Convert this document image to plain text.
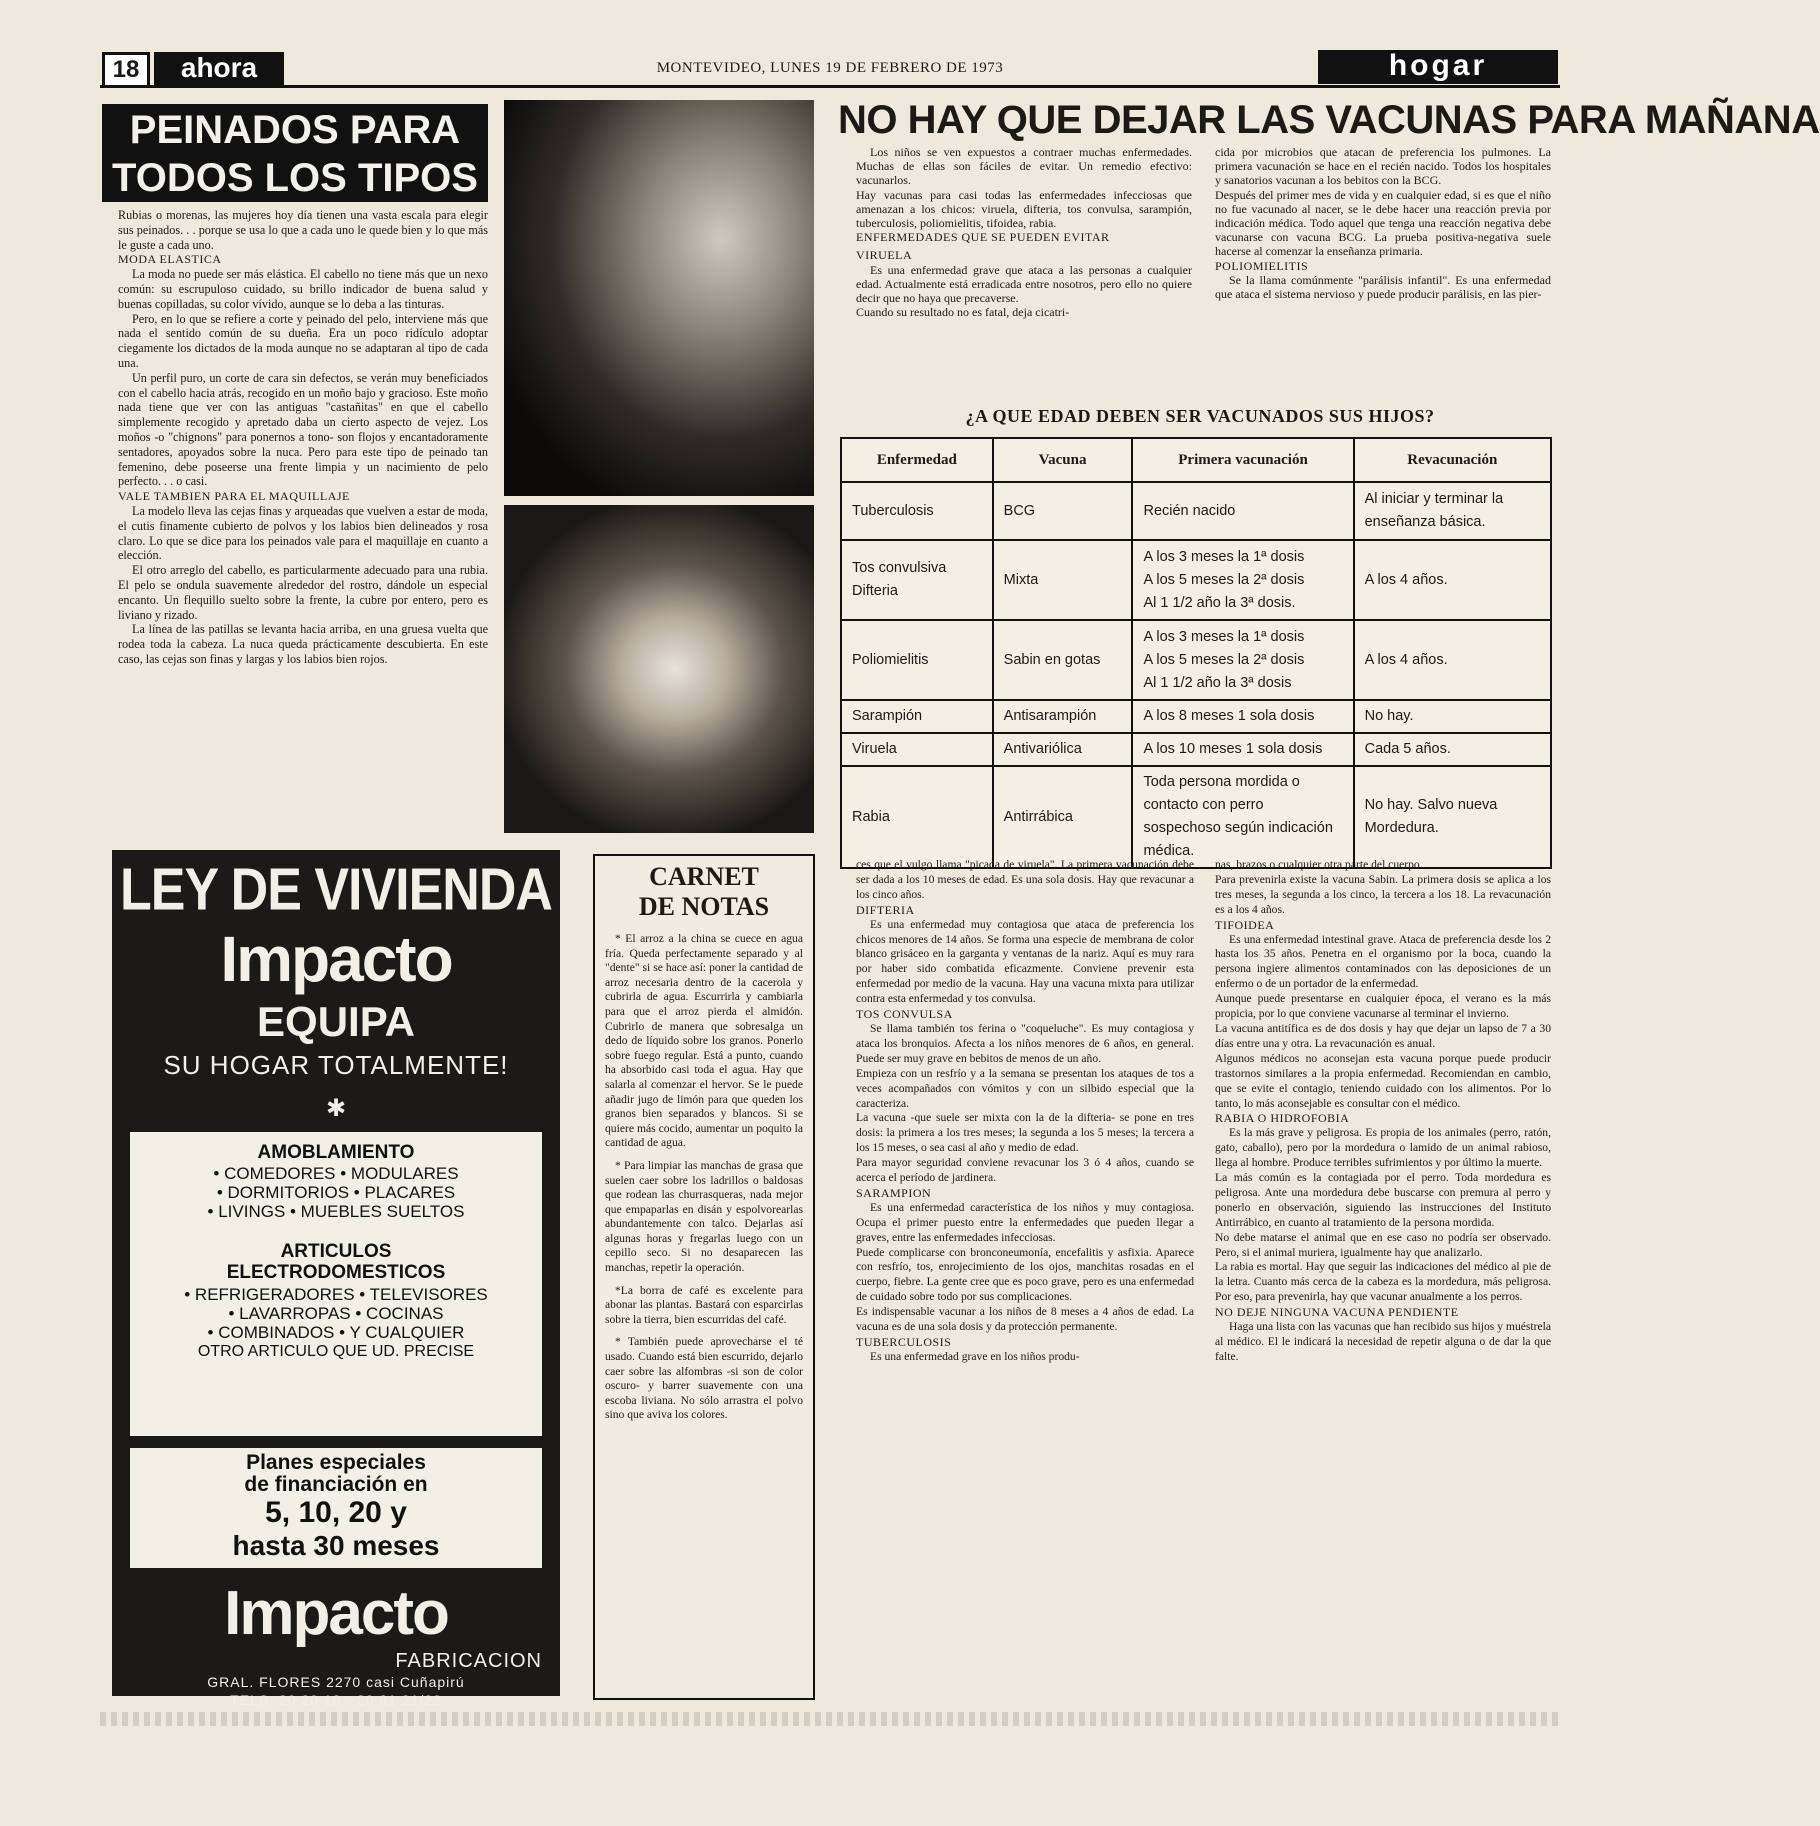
18	ahora	MONTEVIDEO, LUNES 19 DE FEBRERO DE 1973	hogar
PEINADOS PARA
TODOS LOS TIPOS

Rubias o morenas, las mujeres hoy día tienen una vasta escala para elegir sus peinados. . . porque se usa lo que a cada uno le quede bien y lo que más le guste a cada uno.

MODA ELASTICA

La moda no puede ser más elástica. El cabello no tiene más que un nexo común: su escrupuloso cuidado, su brillo indicador de buena salud y buenas copilladas, su color vívido, aunque se lo deba a las tinturas.

Pero, en lo que se refiere a corte y peinado del pelo, interviene más que nada el sentido común de su dueña. Era un poco ridículo adoptar ciegamente los dictados de la moda aunque no se adaptaran al tipo de cada una.

Un perfil puro, un corte de cara sin defectos, se verán muy beneficiados con el cabello hacia atrás, recogido en un moño bajo y gracioso. Este moño nada tiene que ver con las antiguas "castañitas" en que el cabello simplemente recogido y apretado daba un cierto aspecto de vejez. Los moños -o "chignons" para ponernos a tono- son flojos y encantadoramente sentadores, apoyados sobre la nuca. Pero para este tipo de peinado tan femenino, debe poseerse una frente limpia y un nacimiento de pelo perfecto. . . o casi.

VALE TAMBIEN PARA EL MAQUILLAJE

La modelo lleva las cejas finas y arqueadas que vuelven a estar de moda, el cutis finamente cubierto de polvos y los labios bien delineados y rosa claro. Lo que se dice para los peinados vale para el maquillaje en cuanto a elección.

El otro arreglo del cabello, es particularmente adecuado para una rubia. El pelo se ondula suavemente alrededor del rostro, dándole un especial encanto. Un flequillo suelto sobre la frente, la cubre por entero, pero es liviano y rizado.

La línea de las patillas se levanta hacia arriba, en una gruesa vuelta que rodea toda la cabeza. La nuca queda prácticamente descubierta. En este caso, las cejas son finas y largas y los labios bien rojos.

NO HAY QUE DEJAR LAS VACUNAS PARA MAÑANA

Los niños se ven expuestos a contraer muchas enfermedades. Muchas de ellas son fáciles de evitar. Un remedio efectivo: vacunarlos.
Hay vacunas para casi todas las enfermedades infecciosas que amenazan a los chicos: viruela, difteria, tos convulsa, sarampión, tuberculosis, poliomielitis, tifoidea, rabia.

ENFERMEDADES QUE SE PUEDEN EVITAR

VIRUELA

Es una enfermedad grave que ataca a las personas a cualquier edad. Actualmente está erradicada entre nosotros, pero ello no quiere decir que no haya que precaverse.
Cuando su resultado no es fatal, deja cicatri-

cida por microbios que atacan de preferencia los pulmones. La primera vacunación se hace en el recién nacido. Todos los hospitales y sanatorios vacunan a los bebitos con la BCG.
Después del primer mes de vida y en cualquier edad, si es que el niño no fue vacunado al nacer, se le debe hacer una reacción previa por indicación médica. Todo aquel que tenga una reacción negativa debe vacunarse con vacuna BCG. La prueba positiva-negativa suele hacerse al comenzar la enseñanza primaria.

POLIOMIELITIS

Se la llama comúnmente "parálisis infantil". Es una enfermedad que ataca el sistema nervioso y puede producir parálisis, en las pier-

¿A QUE EDAD DEBEN SER VACUNADOS SUS HIJOS?
Enfermedad	Vacuna	Primera vacunación	Revacunación
Tuberculosis	BCG	Recién nacido	Al iniciar y terminar la enseñanza básica.
Tos convulsiva
Difteria	Mixta	A los 3 meses la 1ª dosis
A los 5 meses la 2ª dosis
Al 1 1/2 año la 3ª dosis.	A los 4 años.
Poliomielitis	Sabin en gotas	A los 3 meses la 1ª dosis
A los 5 meses la 2ª dosis
Al 1 1/2 año la 3ª dosis	A los 4 años.
Sarampión	Antisarampión	A los 8 meses 1 sola dosis	No hay.
Viruela	Antivariólica	A los 10 meses 1 sola dosis	Cada 5 años.
Rabia	Antirrábica	Toda persona mordida o contacto con perro sospechoso según indicación médica.	No hay. Salvo nueva Mordedura.

ces que el vulgo llama "picada de viruela". La primera vacunación debe ser dada a los 10 meses de edad. Es una sola dosis. Hay que revacunar a los cinco años.

DIFTERIA

Es una enfermedad muy contagiosa que ataca de preferencia los chicos menores de 14 años. Se forma una especie de membrana de color blanco grisáceo en la garganta y ventanas de la nariz. Aquí es muy rara por haber sido combatida eficazmente. Conviene prevenir esta enfermedad por medio de la vacuna. Hay una vacuna mixta para utilizar contra esta enfermedad y tos convulsa.

TOS CONVULSA

Se llama también tos ferina o "coqueluche". Es muy contagiosa y ataca los bronquios. Afecta a los niños menores de 6 años, en general. Puede ser muy grave en bebitos de menos de un año.
Empieza con un resfrío y a la semana se presentan los ataques de tos a veces acompañados con vómitos y con un silbido especial que la caracteriza.
La vacuna -que suele ser mixta con la de la difteria- se pone en tres dosis: la primera a los tres meses; la segunda a los 5 meses; la tercera a los 15 meses, o sea casi al año y medio de edad.
Para mayor seguridad conviene revacunar los 3 ó 4 años, cuando se acerca el período de jardinera.

SARAMPION

Es una enfermedad característica de los niños y muy contagiosa. Ocupa el primer puesto entre la enfermedades que pueden llegar a graves, entre las enfermedades infecciosas.
Puede complicarse con bronconeumonía, encefalitis y asfixia. Aparece con resfrío, tos, enrojecimiento de los ojos, manchitas rosadas en el cuerpo, fiebre. La gente cree que es poco grave, pero es una enfermedad de cuidado sobre todo por sus complicaciones.
Es indispensable vacunar a los niños de 8 meses a 4 años de edad. La vacuna es de una sola dosis y da protección permanente.

TUBERCULOSIS

Es una enfermedad grave en los niños produ-

nas, brazos o cualquier otra parte del cuerpo.
Para prevenirla existe la vacuna Sabin. La primera dosis se aplica a los tres meses, la segunda a los cinco, la tercera a los 18. La revacunación es a los 4 años.

TIFOIDEA

Es una enfermedad intestinal grave. Ataca de preferencia desde los 2 hasta los 35 años. Penetra en el organismo por la boca, cuando la persona ingiere alimentos contaminados con las deposiciones de un enfermo o de un portador de la enfermedad.
Aunque puede presentarse en cualquier época, el verano es la más propicia, por lo que conviene vacunarse al terminar el invierno.
La vacuna antitífica es de dos dosis y hay que dejar un lapso de 7 a 30 días entre una y otra. La revacunación es anual.
Algunos médicos no aconsejan esta vacuna porque puede producir trastornos similares a la propia enfermedad. Recomiendan en cambio, que se evite el contagio, teniendo cuidado con los alimentos. Por lo tanto, lo más aconsejable es consultar con el médico.

RABIA O HIDROFOBIA

Es la más grave y peligrosa. Es propia de los animales (perro, ratón, gato, caballo), pero por la mordedura o lamido de un animal rabioso, llega al hombre. Produce terribles sufrimientos y por último la muerte.
La más común es la contagiada por el perro. Toda mordedura es peligrosa. Ante una mordedura debe buscarse con premura al perro y ponerlo en observación, siguiendo las instrucciones del Instituto Antirrábico, en cuanto al tratamiento de la persona mordida.
No debe matarse el animal que en ese caso no podría ser observado. Pero, si el animal muriera, igualmente hay que analizarlo.
La rabia es mortal. Hay que seguir las indicaciones del médico al pie de la letra. Cuanto más cerca de la cabeza es la mordedura, más peligrosa. Por eso, para prevenirla, hay que vacunar anualmente a los perros.

NO DEJE NINGUNA VACUNA PENDIENTE

Haga una lista con las vacunas que han recibido sus hijos y muéstrela al médico. El le indicará la necesidad de repetir alguna o de dar la que falte.

LEY DE VIVIENDA
Impacto
EQUIPA
SU HOGAR TOTALMENTE!
✱
AMOBLAMIENTO
• COMEDORES • MODULARES
• DORMITORIOS • PLACARES
• LIVINGS • MUEBLES SUELTOS
ARTICULOS
ELECTRODOMESTICOS
• REFRIGERADORES • TELEVISORES
• LAVARROPAS • COCINAS
• COMBINADOS • Y CUALQUIER
OTRO ARTICULO QUE UD. PRECISE
Planes especiales
de financiación en
5, 10, 20 y
hasta 30 meses
Impacto
FABRICACION
GRAL. FLORES 2270 casi Cuñapirú
TELS. 20 20 18 - 20 81 21/22
CARNET
DE NOTAS

* El arroz a la china se cuece en agua fría. Queda perfectamente separado y al "dente" si se hace así: poner la cantidad de arroz necesaria dentro de la cacerola y cubrirla de agua. Escurrirla y cambiarla para que el arroz pierda el almidón. Cubrirlo de manera que sobresalga un dedo de líquido sobre los granos. Ponerlo sobre fuego regular. Está a punto, cuando ha absorbido casi toda el agua. Hay que salarla al comenzar el hervor. Se le puede añadir jugo de limón para que queden los granos bien separados y blancos. Si se quiere más cocido, aumentar un poquito la cantidad de agua.

* Para limpiar las manchas de grasa que suelen caer sobre los ladrillos o baldosas que rodean las churrasqueras, nada mejor que empaparlas en disán y espolvorearlas abundantemente con talco. Dejarlas así algunas horas y fregarlas luego con un cepillo seco. Si no desaparecen las manchas, repetir la operación.

*La borra de café es excelente para abonar las plantas. Bastará con esparcirlas sobre la tierra, bien escurridas del café.

* También puede aprovecharse el té usado. Cuando está bien escurrido, dejarlo caer sobre las alfombras -si son de color oscuro- y barrer suavemente con una escoba liviana. No sólo arrastra el polvo sino que aviva los colores.
